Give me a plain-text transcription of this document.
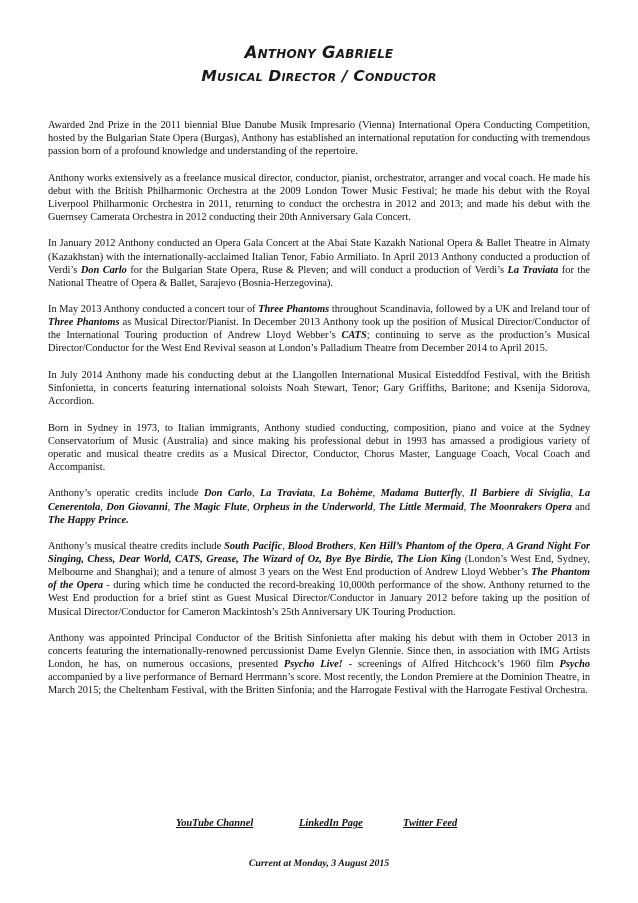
Anthony Gabriele
Musical Director / Conductor

Awarded 2nd Prize in the 2011 biennial Blue Danube Musik Impresario (Vienna) International Opera Conducting Competition, hosted by the Bulgarian State Opera (Burgas), Anthony has established an international reputation for conducting with tremendous passion born of a profound knowledge and understanding of the repertoire.

Anthony works extensively as a freelance musical director, conductor, pianist, orchestrator, arranger and vocal coach. He made his debut with the British Philharmonic Orchestra at the 2009 London Tower Music Festival; he made his debut with the Royal Liverpool Philharmonic Orchestra in 2011, returning to conduct the orchestra in 2012 and 2013; and made his debut with the Guernsey Camerata Orchestra in 2012 conducting their 20th Anniversary Gala Concert.

In January 2012 Anthony conducted an Opera Gala Concert at the Abai State Kazakh National Opera & Ballet Theatre in Almaty (Kazakhstan) with the internationally-acclaimed Italian Tenor, Fabio Armiliato. In April 2013 Anthony conducted a production of Verdi’s Don Carlo for the Bulgarian State Opera, Ruse & Pleven; and will conduct a production of Verdi’s La Traviata for the National Theatre of Opera & Ballet, Sarajevo (Bosnia-Herzegovina).

In May 2013 Anthony conducted a concert tour of Three Phantoms throughout Scandinavia, followed by a UK and Ireland tour of Three Phantoms as Musical Director/Pianist. In December 2013 Anthony took up the position of Musical Director/Conductor of the International Touring production of Andrew Lloyd Webber’s CATS; continuing to serve as the production’s Musical Director/Conductor for the West End Revival season at London’s Palladium Theatre from December 2014 to April 2015.

In July 2014 Anthony made his conducting debut at the Llangollen International Musical Eisteddfod Festival, with the British Sinfonietta, in concerts featuring international soloists Noah Stewart, Tenor; Gary Griffiths, Baritone; and Ksenija Sidorova, Accordion.

Born in Sydney in 1973, to Italian immigrants, Anthony studied conducting, composition, piano and voice at the Sydney Conservatorium of Music (Australia) and since making his professional debut in 1993 has amassed a prodigious variety of operatic and musical theatre credits as a Musical Director, Conductor, Chorus Master, Language Coach, Vocal Coach and Accompanist.

Anthony’s operatic credits include Don Carlo, La Traviata, La Bohème, Madama Butterfly, Il Barbiere di Siviglia, La Cenerentola, Don Giovanni, The Magic Flute, Orpheus in the Underworld, The Little Mermaid, The Moonrakers Opera and The Happy Prince.

Anthony’s musical theatre credits include South Pacific, Blood Brothers, Ken Hill’s Phantom of the Opera, A Grand Night For Singing, Chess, Dear World, CATS, Grease, The Wizard of Oz, Bye Bye Birdie, The Lion King (London’s West End, Sydney, Melbourne and Shanghai); and a tenure of almost 3 years on the West End production of Andrew Lloyd Webber’s The Phantom of the Opera - during which time he conducted the record-breaking 10,000th performance of the show. Anthony returned to the West End production for a brief stint as Guest Musical Director/Conductor in January 2012 before taking up the position of Musical Director/Conductor for Cameron Mackintosh’s 25th Anniversary UK Touring Production.

Anthony was appointed Principal Conductor of the British Sinfonietta after making his debut with them in October 2013 in concerts featuring the internationally-renowned percussionist Dame Evelyn Glennie. Since then, in association with IMG Artists London, he has, on numerous occasions, presented Psycho Live! - screenings of Alfred Hitchcock’s 1960 film Psycho accompanied by a live performance of Bernard Herrmann’s score. Most recently, the London Premiere at the Dominion Theatre, in March 2015; the Cheltenham Festival, with the Britten Sinfonia; and the Harrogate Festival with the Harrogate Festival Orchestra.

YouTube Channel	LinkedIn Page	Twitter Feed
Current at Monday, 3 August 2015
